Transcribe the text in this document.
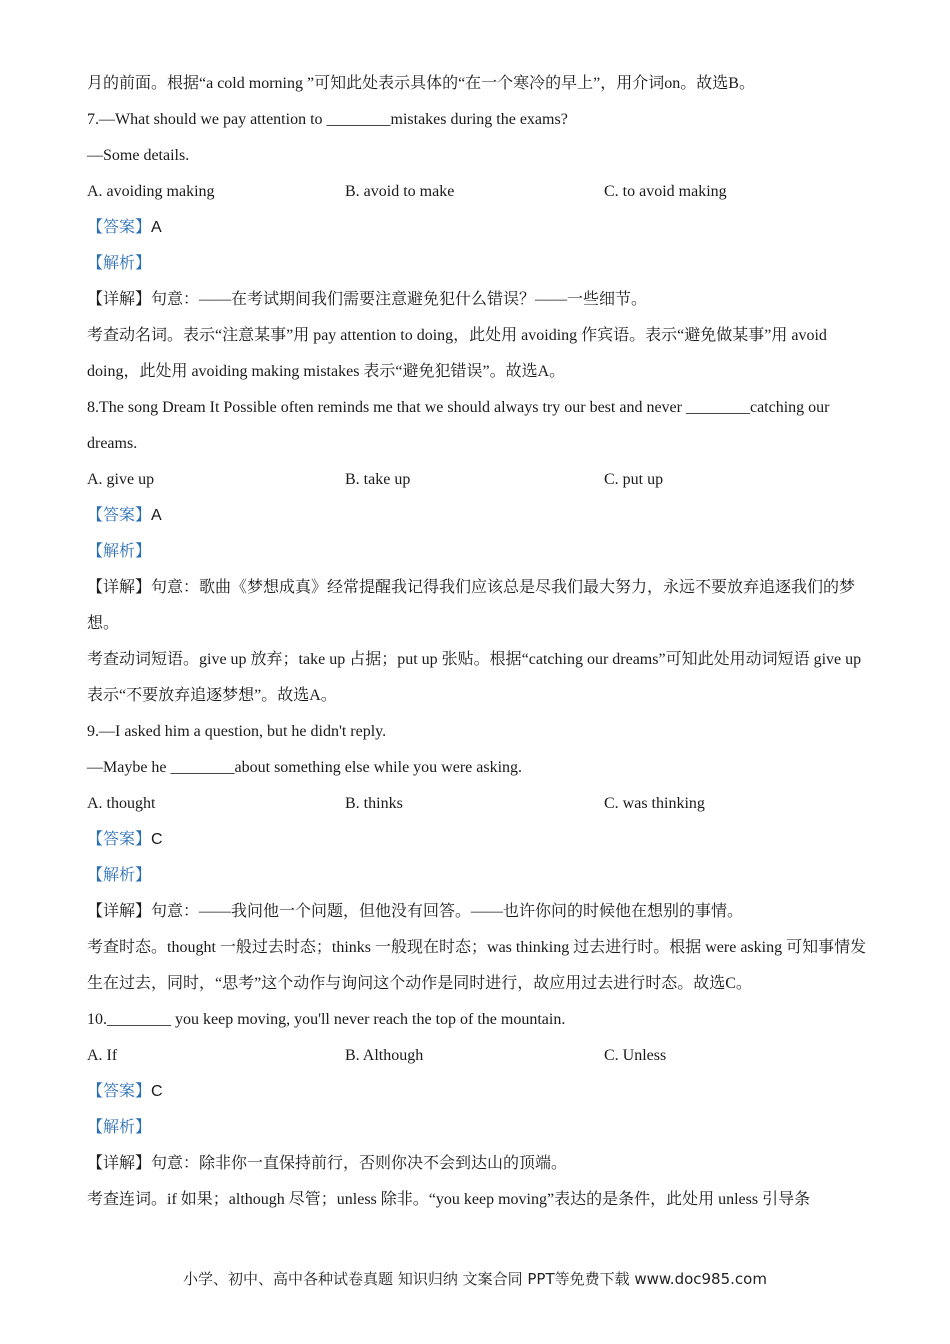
月的前面。根据“a cold morning ”可知此处表示具体的“在一个寒冷的早上”，用介词on。故选B。
7.—What should we pay attention to ________mistakes during the exams?
—Some details.
A. avoiding making	B. avoid to make	C. to avoid making
【答案】A
【解析】
【详解】句意：——在考试期间我们需要注意避免犯什么错误？——一些细节。
考查动名词。表示“注意某事”用 pay attention to doing，此处用 avoiding 作宾语。表示“避免做某事”用 avoid doing，此处用 avoiding making mistakes 表示“避免犯错误”。故选A。
8.The song Dream It Possible often reminds me that we should always try our best and never ________catching our dreams.
A. give up	B. take up	C. put up
【答案】A
【解析】
【详解】句意：歌曲《梦想成真》经常提醒我记得我们应该总是尽我们最大努力，永远不要放弃追逐我们的梦想。
考查动词短语。give up 放弃；take up 占据；put up 张贴。根据“catching our dreams”可知此处用动词短语 give up 表示“不要放弃追逐梦想”。故选A。
9.—I asked him a question, but he didn't reply.
—Maybe he ________about something else while you were asking.
A. thought	B. thinks	C. was thinking
【答案】C
【解析】
【详解】句意：——我问他一个问题，但他没有回答。——也许你问的时候他在想别的事情。
考查时态。thought 一般过去时态；thinks 一般现在时态；was thinking 过去进行时。根据 were asking 可知事情发生在过去，同时，“思考”这个动作与询问这个动作是同时进行，故应用过去进行时态。故选C。
10.________ you keep moving, you'll never reach the top of the mountain.
A. If	B. Although	C. Unless
【答案】C
【解析】
【详解】句意：除非你一直保持前行，否则你决不会到达山的顶端。
考查连词。if 如果；although 尽管；unless 除非。“you keep moving”表达的是条件，此处用 unless 引导条
小学、初中、高中各种试卷真题 知识归纳 文案合同 PPT等免费下载 www.doc985.com
